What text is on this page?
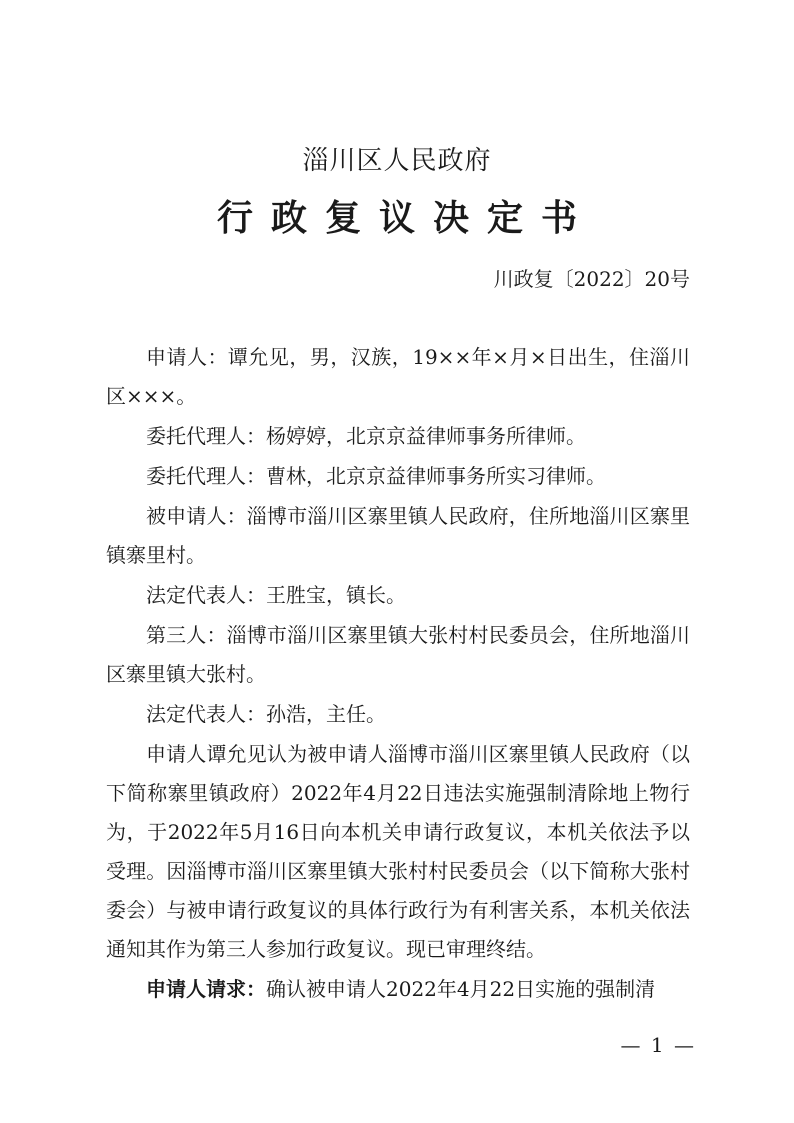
淄川区人民政府
行政复议决定书
川政复〔2022〕20号

申请人：谭允见，男，汉族，19××年×月×日出生，住淄川区×××。

委托代理人：杨婷婷，北京京益律师事务所律师。

委托代理人：曹林，北京京益律师事务所实习律师。

被申请人：淄博市淄川区寨里镇人民政府，住所地淄川区寨里镇寨里村。

法定代表人：王胜宝，镇长。

第三人：淄博市淄川区寨里镇大张村村民委员会，住所地淄川区寨里镇大张村。

法定代表人：孙浩，主任。

申请人谭允见认为被申请人淄博市淄川区寨里镇人民政府（以下简称寨里镇政府）2022年4月22日违法实施强制清除地上物行为，于2022年5月16日向本机关申请行政复议，本机关依法予以受理。因淄博市淄川区寨里镇大张村村民委员会（以下简称大张村委会）与被申请行政复议的具体行政行为有利害关系，本机关依法通知其作为第三人参加行政复议。现已审理终结。

申请人请求：确认被申请人2022年4月22日实施的强制清

— 1 —
